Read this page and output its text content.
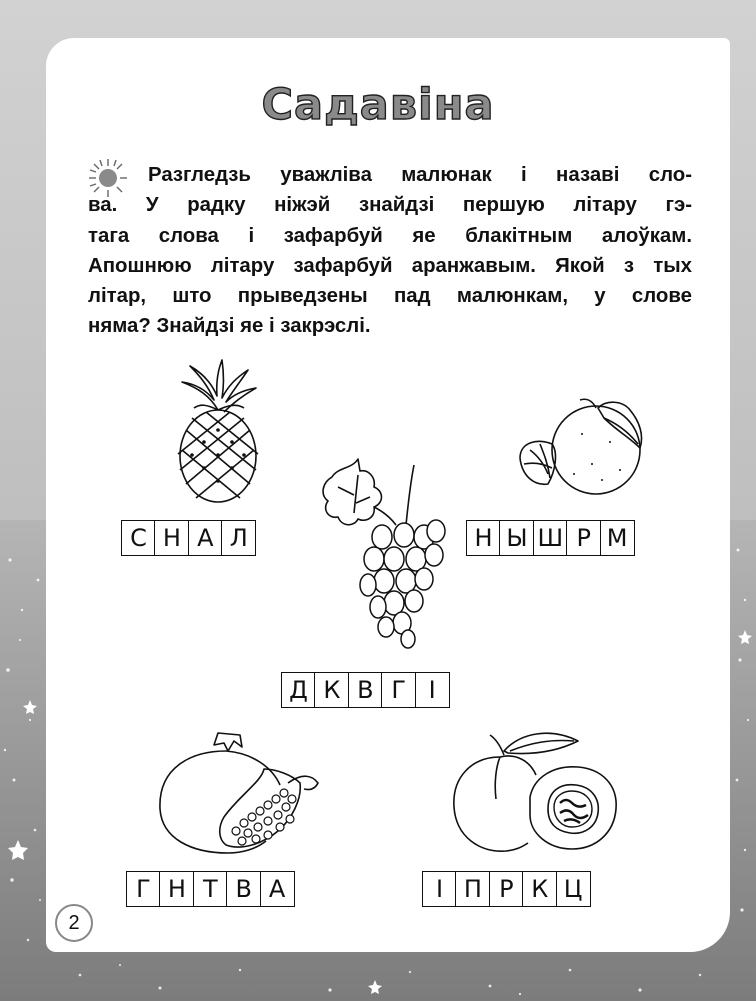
Садавіна
Разгледзь уважліва малюнак і назаві сло-
ва. У радку ніжэй знайдзі першую літару гэ-
тага слова і зафарбуй яе блакітным алоўкам.
Апошнюю літару зафарбуй аранжавым. Якой з тых
літар, што прыведзены пад малюнкам, у слове
няма? Знайдзі яе і закрэслі.
С Н А Л	Н Ы Ш Р М
Д К В Г І
Г Н Т В А	І П Р К Ц
2
